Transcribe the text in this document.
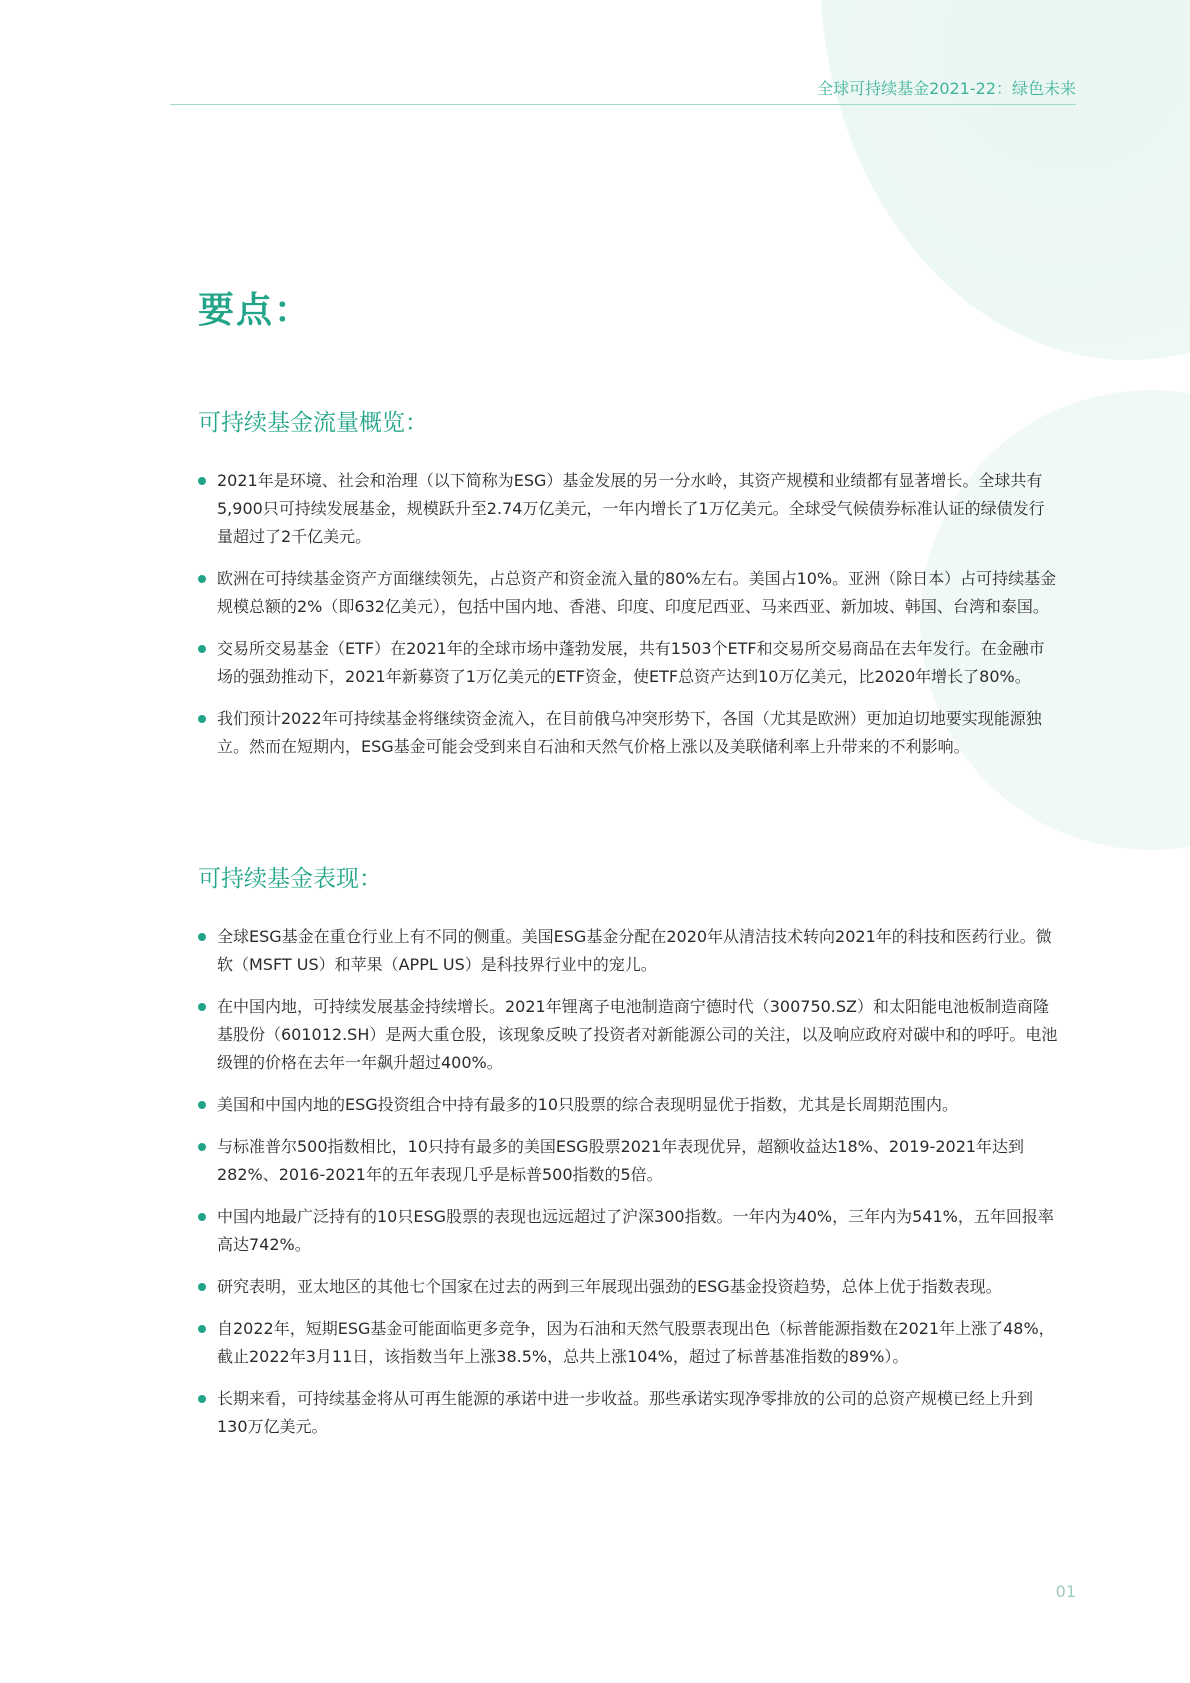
全球可持续基金2021-22：绿色未来
要点：
可持续基金流量概览：
2021年是环境、社会和治理（以下简称为ESG）基金发展的另一分水岭，其资产规模和业绩都有显著增长。全球共有5,900只可持续发展基金，规模跃升至2.74万亿美元，一年内增长了1万亿美元。全球受气候债券标准认证的绿债发行量超过了2千亿美元。
欧洲在可持续基金资产方面继续领先，占总资产和资金流入量的80%左右。美国占10%。亚洲（除日本）占可持续基金规模总额的2%（即632亿美元），包括中国内地、香港、印度、印度尼西亚、马来西亚、新加坡、韩国、台湾和泰国。
交易所交易基金（ETF）在2021年的全球市场中蓬勃发展，共有1503个ETF和交易所交易商品在去年发行。在金融市场的强劲推动下，2021年新募资了1万亿美元的ETF资金，使ETF总资产达到10万亿美元，比2020年增长了80%。
我们预计2022年可持续基金将继续资金流入，在目前俄乌冲突形势下，各国（尤其是欧洲）更加迫切地要实现能源独立。然而在短期内，ESG基金可能会受到来自石油和天然气价格上涨以及美联储利率上升带来的不利影响。
可持续基金表现：
全球ESG基金在重仓行业上有不同的侧重。美国ESG基金分配在2020年从清洁技术转向2021年的科技和医药行业。微软（MSFT US）和苹果（APPL US）是科技界行业中的宠儿。
在中国内地，可持续发展基金持续增长。2021年锂离子电池制造商宁德时代（300750.SZ）和太阳能电池板制造商隆基股份（601012.SH）是两大重仓股，该现象反映了投资者对新能源公司的关注，以及响应政府对碳中和的呼吁。电池级锂的价格在去年一年飙升超过400%。
美国和中国内地的ESG投资组合中持有最多的10只股票的综合表现明显优于指数，尤其是长周期范围内。
与标准普尔500指数相比，10只持有最多的美国ESG股票2021年表现优异，超额收益达18%、2019-2021年达到282%、2016-2021年的五年表现几乎是标普500指数的5倍。
中国内地最广泛持有的10只ESG股票的表现也远远超过了沪深300指数。一年内为40%，三年内为541%，五年回报率高达742%。
研究表明，亚太地区的其他七个国家在过去的两到三年展现出强劲的ESG基金投资趋势，总体上优于指数表现。
自2022年，短期ESG基金可能面临更多竞争，因为石油和天然气股票表现出色（标普能源指数在2021年上涨了48%，截止2022年3月11日，该指数当年上涨38.5%，总共上涨104%，超过了标普基准指数的89%）。
长期来看，可持续基金将从可再生能源的承诺中进一步收益。那些承诺实现净零排放的公司的总资产规模已经上升到130万亿美元。
01
